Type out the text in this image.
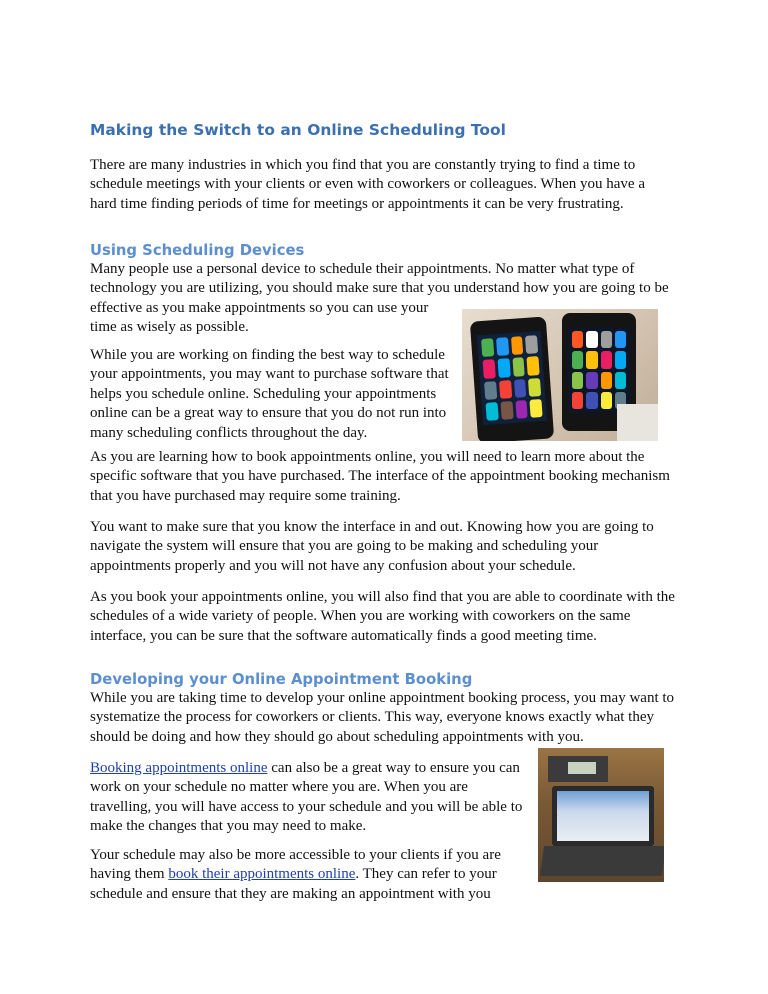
Making the Switch to an Online Scheduling Tool

There are many industries in which you find that you are constantly trying to find a time to
schedule meetings with your clients or even with coworkers or colleagues. When you have a
hard time finding periods of time for meetings or appointments it can be very frustrating.

Using Scheduling Devices

Many people use a personal device to schedule their appointments. No matter what type of
technology you are utilizing, you should make sure that you understand how you are going to be
effective as you make appointments so you can use your
time as wisely as possible.

While you are working on finding the best way to schedule
your appointments, you may want to purchase software that
helps you schedule online. Scheduling your appointments
online can be a great way to ensure that you do not run into
many scheduling conflicts throughout the day.

As you are learning how to book appointments online, you will need to learn more about the
specific software that you have purchased. The interface of the appointment booking mechanism
that you have purchased may require some training.

You want to make sure that you know the interface in and out. Knowing how you are going to
navigate the system will ensure that you are going to be making and scheduling your
appointments properly and you will not have any confusion about your schedule.

As you book your appointments online, you will also find that you are able to coordinate with the
schedules of a wide variety of people. When you are working with coworkers on the same
interface, you can be sure that the software automatically finds a good meeting time.

Developing your Online Appointment Booking

While you are taking time to develop your online appointment booking process, you may want to
systematize the process for coworkers or clients. This way, everyone knows exactly what they
should be doing and how they should go about scheduling appointments with you.

Booking appointments online can also be a great way to ensure you can
work on your schedule no matter where you are. When you are
travelling, you will have access to your schedule and you will be able to
make the changes that you may need to make.

Your schedule may also be more accessible to your clients if you are
having them book their appointments online. They can refer to your
schedule and ensure that they are making an appointment with you
